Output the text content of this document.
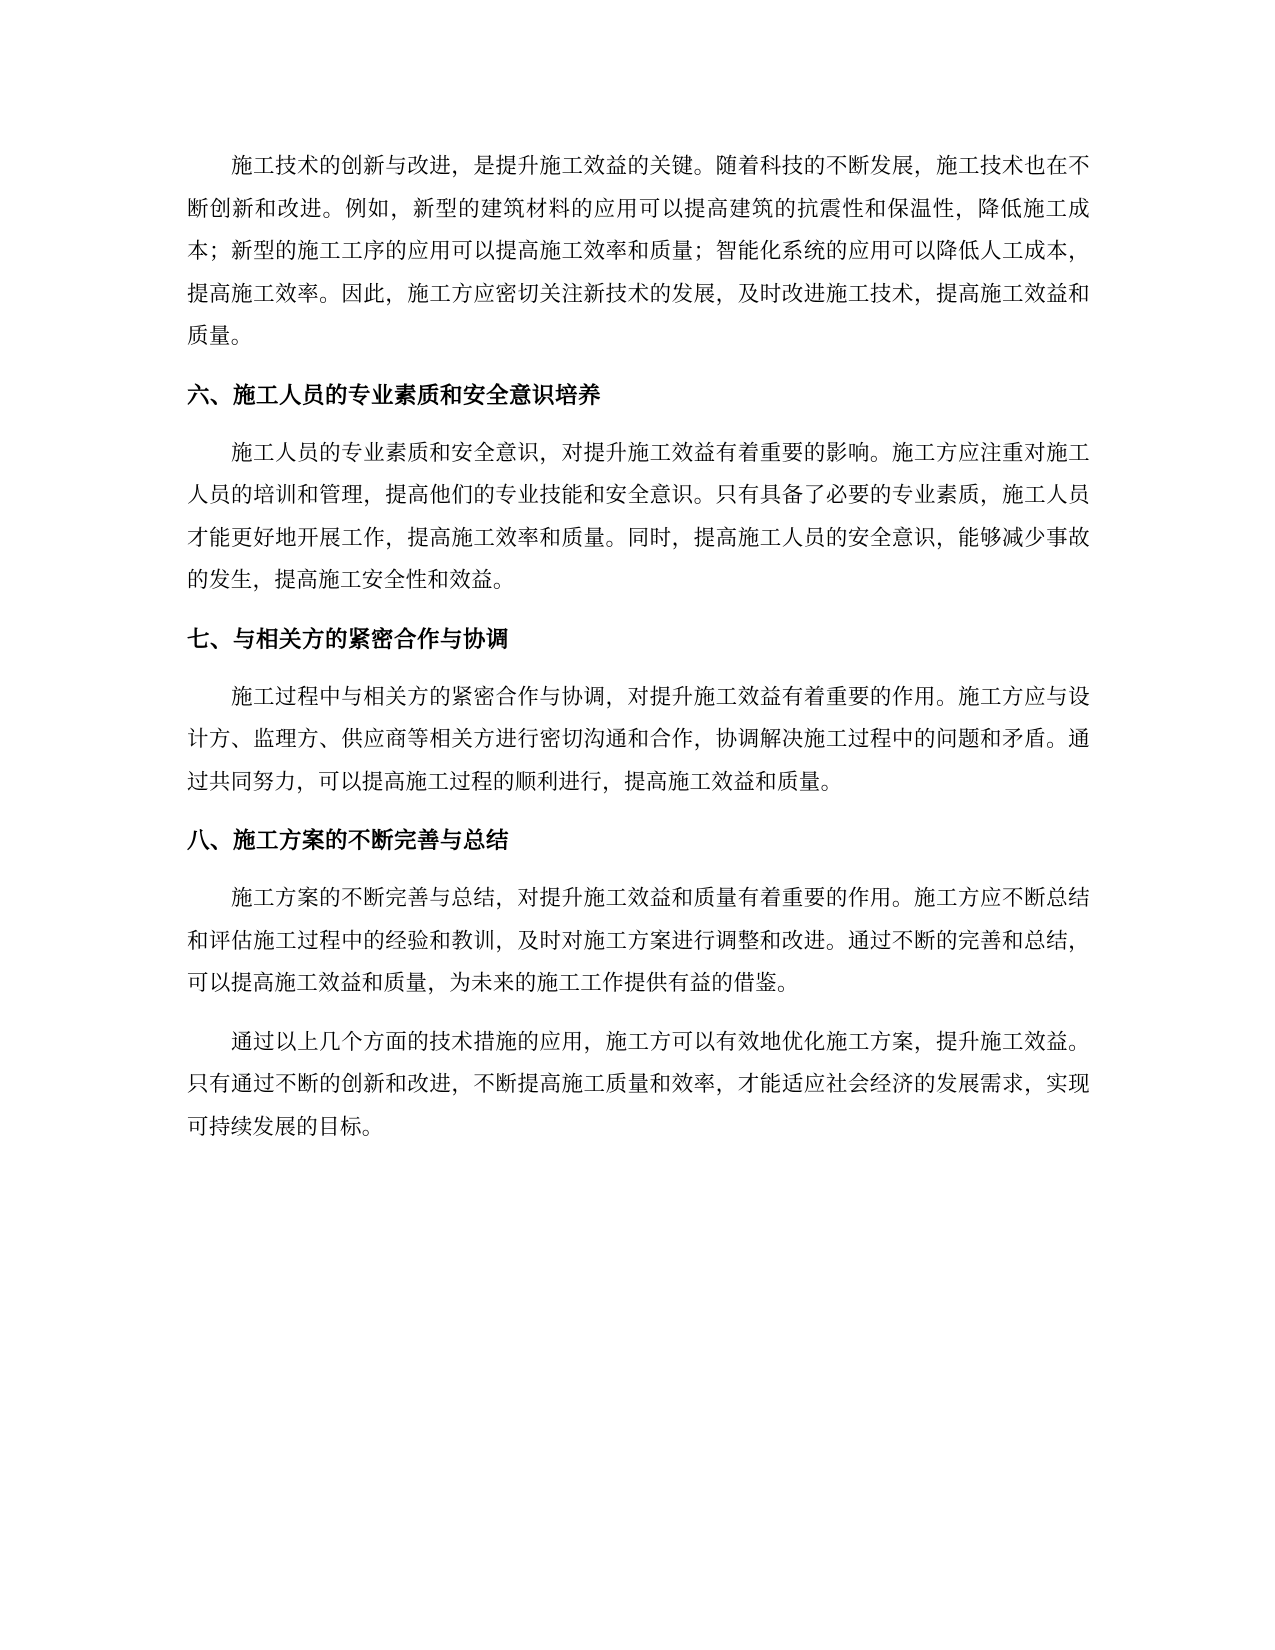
施工技术的创新与改进，是提升施工效益的关键。随着科技的不断发展，施工技术也在不断创新和改进。例如，新型的建筑材料的应用可以提高建筑的抗震性和保温性，降低施工成本；新型的施工工序的应用可以提高施工效率和质量；智能化系统的应用可以降低人工成本，提高施工效率。因此，施工方应密切关注新技术的发展，及时改进施工技术，提高施工效益和质量。

六、施工人员的专业素质和安全意识培养

施工人员的专业素质和安全意识，对提升施工效益有着重要的影响。施工方应注重对施工人员的培训和管理，提高他们的专业技能和安全意识。只有具备了必要的专业素质，施工人员才能更好地开展工作，提高施工效率和质量。同时，提高施工人员的安全意识，能够减少事故的发生，提高施工安全性和效益。

七、与相关方的紧密合作与协调

施工过程中与相关方的紧密合作与协调，对提升施工效益有着重要的作用。施工方应与设计方、监理方、供应商等相关方进行密切沟通和合作，协调解决施工过程中的问题和矛盾。通过共同努力，可以提高施工过程的顺利进行，提高施工效益和质量。

八、施工方案的不断完善与总结

施工方案的不断完善与总结，对提升施工效益和质量有着重要的作用。施工方应不断总结和评估施工过程中的经验和教训，及时对施工方案进行调整和改进。通过不断的完善和总结，可以提高施工效益和质量，为未来的施工工作提供有益的借鉴。

通过以上几个方面的技术措施的应用，施工方可以有效地优化施工方案，提升施工效益。只有通过不断的创新和改进，不断提高施工质量和效率，才能适应社会经济的发展需求，实现可持续发展的目标。
